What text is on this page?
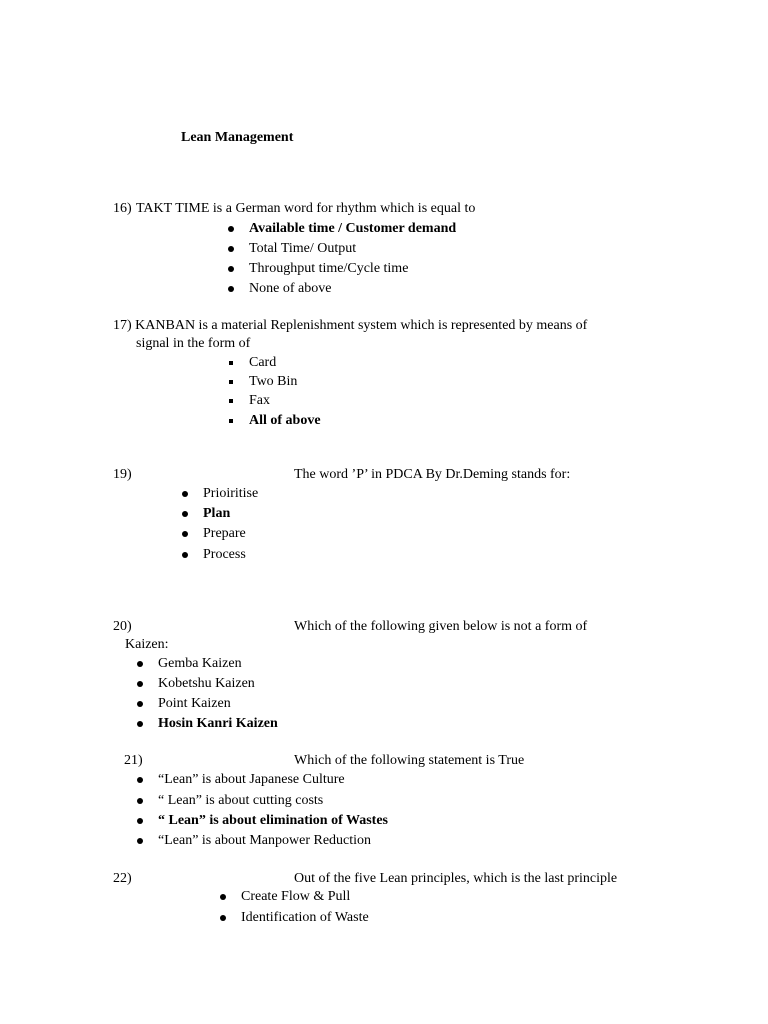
Lean Management
16) TAKT TIME is a German word for rhythm which is equal to
Available time / Customer demand
Total Time/ Output
Throughput time/Cycle time
None of above
17) KANBAN is a material Replenishment system which is represented by means of
signal in the form of
Card
Two Bin
Fax
All of above
19)	The word ’P’ in PDCA By Dr.Deming stands for:
Prioiritise
Plan
Prepare
Process
20)	Which of the following given below is not a form of
Kaizen:
Gemba Kaizen
Kobetshu Kaizen
Point Kaizen
Hosin Kanri Kaizen
21)	Which of the following statement is True
“Lean” is about Japanese Culture
“ Lean” is about cutting costs
“ Lean” is about elimination of Wastes
“Lean” is about Manpower Reduction
22)	Out of the five Lean principles, which is the last principle
Create Flow & Pull
Identification of Waste
